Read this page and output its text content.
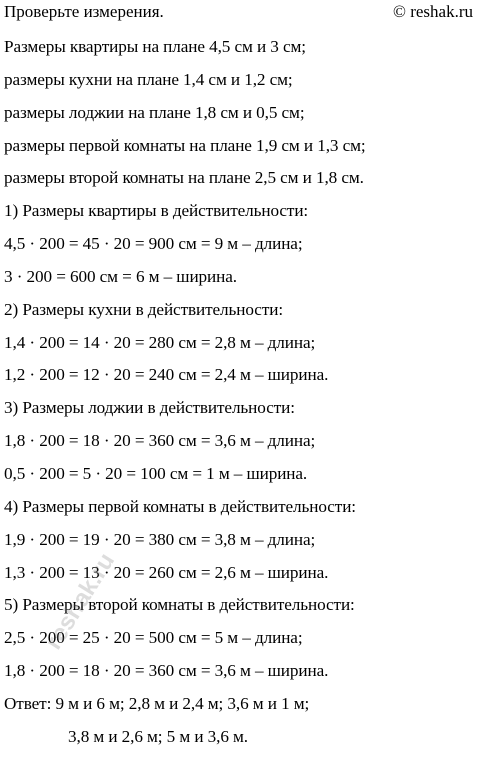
Проверьте измерения.	© reshak.ru
Размеры квартиры на плане 4,5 см и 3 см;
размеры кухни на плане 1,4 см и 1,2 см;
размеры лоджии на плане 1,8 см и 0,5 см;
размеры первой комнаты на плане 1,9 см и 1,3 см;
размеры второй комнаты на плане 2,5 см и 1,8 см.
1) Размеры квартиры в действительности:
4,5 · 200 = 45 · 20 = 900 см = 9 м – длина;
3 · 200 = 600 см = 6 м – ширина.
2) Размеры кухни в действительности:
1,4 · 200 = 14 · 20 = 280 см = 2,8 м – длина;
1,2 · 200 = 12 · 20 = 240 см = 2,4 м – ширина.
3) Размеры лоджии в действительности:
1,8 · 200 = 18 · 20 = 360 см = 3,6 м – длина;
0,5 · 200 = 5 · 20 = 100 см = 1 м – ширина.
4) Размеры первой комнаты в действительности:
1,9 · 200 = 19 · 20 = 380 см = 3,8 м – длина;
1,3 · 200 = 13 · 20 = 260 см = 2,6 м – ширина.
5) Размеры второй комнаты в действительности:
2,5 · 200 = 25 · 20 = 500 см = 5 м – длина;
1,8 · 200 = 18 · 20 = 360 см = 3,6 м – ширина.
Ответ: 9 м и 6 м; 2,8 м и 2,4 м; 3,6 м и 1 м;
3,8 м и 2,6 м; 5 м и 3,6 м.
reshak.ru
